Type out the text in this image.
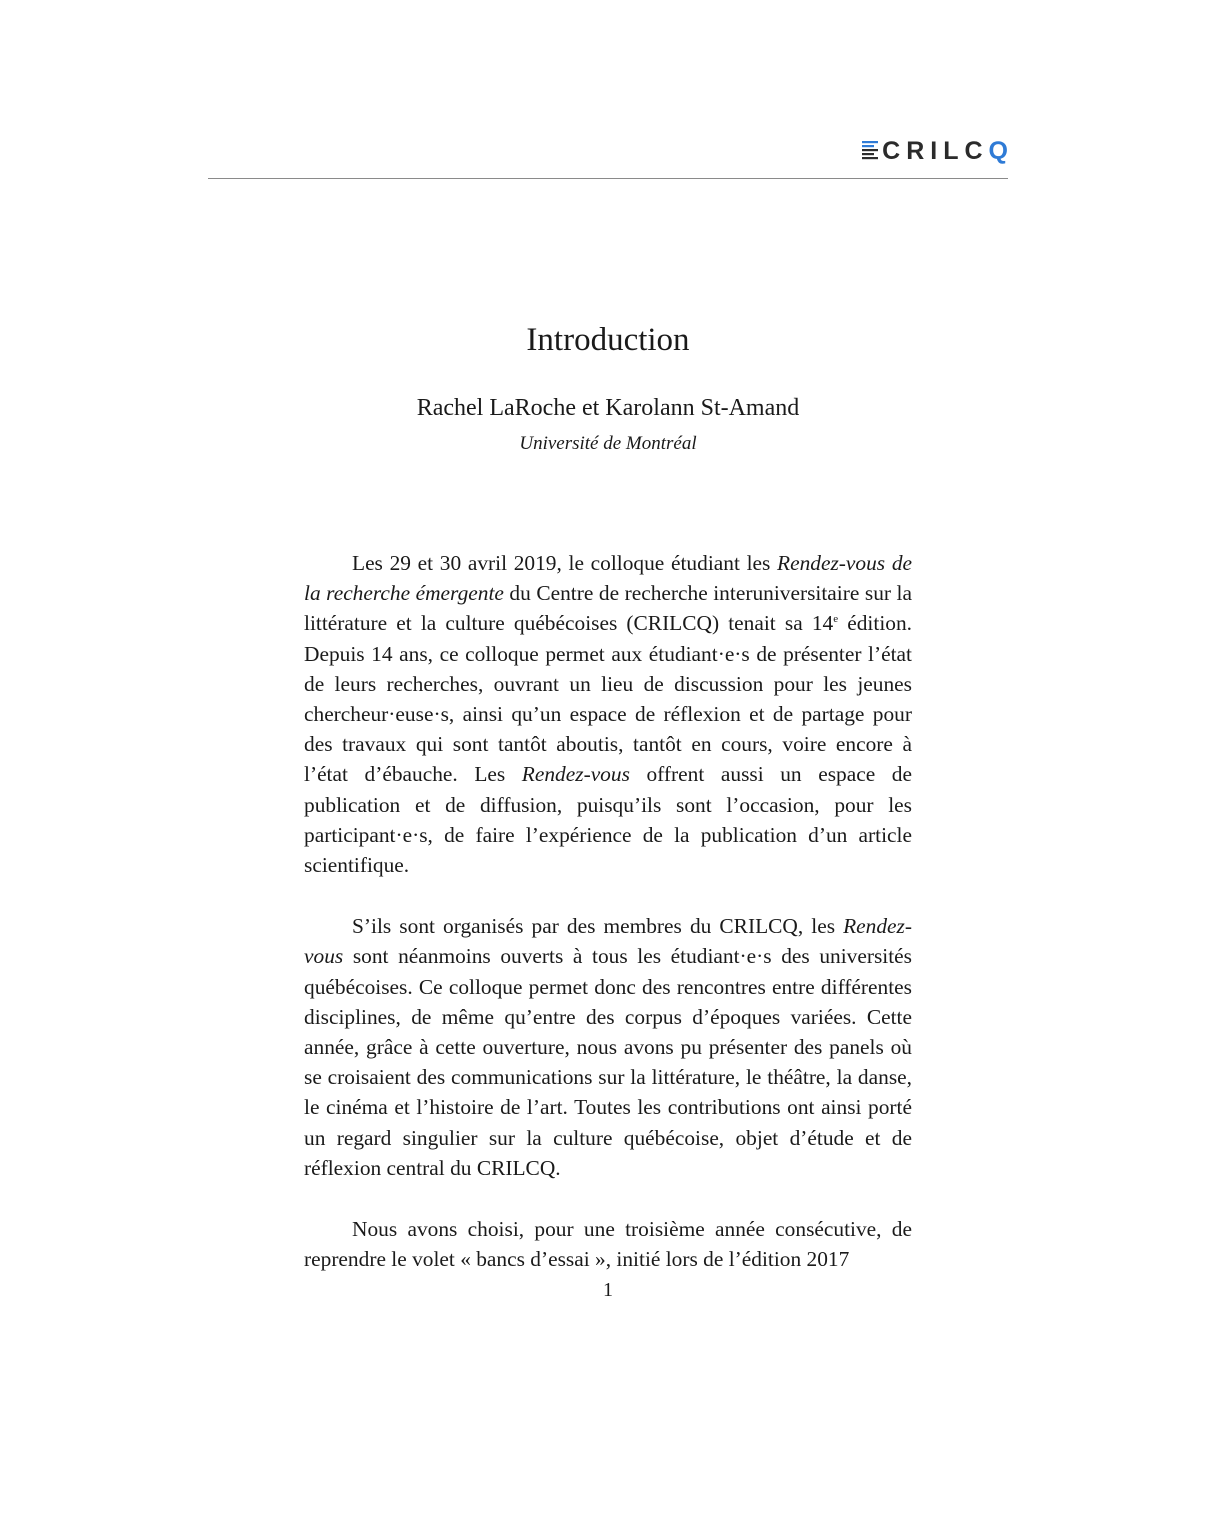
CRILCQ
Introduction
Rachel LaRoche et Karolann St-Amand
Université de Montréal

Les 29 et 30 avril 2019, le colloque étudiant les Rendez-vous de la recherche émergente du Centre de recherche interuniversitaire sur la littérature et la culture québécoises (CRILCQ) tenait sa 14e édition. Depuis 14 ans, ce colloque permet aux étudiant·e·s de présenter l’état de leurs recherches, ouvrant un lieu de discussion pour les jeunes chercheur·euse·s, ainsi qu’un espace de réflexion et de partage pour des travaux qui sont tantôt aboutis, tantôt en cours, voire encore à l’état d’ébauche. Les Rendez-vous offrent aussi un espace de publication et de diffusion, puisqu’ils sont l’occasion, pour les participant·e·s, de faire l’expérience de la publication d’un article scientifique.

S’ils sont organisés par des membres du CRILCQ, les Rendez-vous sont néanmoins ouverts à tous les étudiant·e·s des universités québécoises. Ce colloque permet donc des rencontres entre différentes disciplines, de même qu’entre des corpus d’époques variées. Cette année, grâce à cette ouverture, nous avons pu présenter des panels où se croisaient des communications sur la littérature, le théâtre, la danse, le cinéma et l’histoire de l’art. Toutes les contributions ont ainsi porté un regard singulier sur la culture québécoise, objet d’étude et de réflexion central du CRILCQ.

Nous avons choisi, pour une troisième année consécutive, de reprendre le volet « bancs d’essai », initié lors de l’édition 2017

1
